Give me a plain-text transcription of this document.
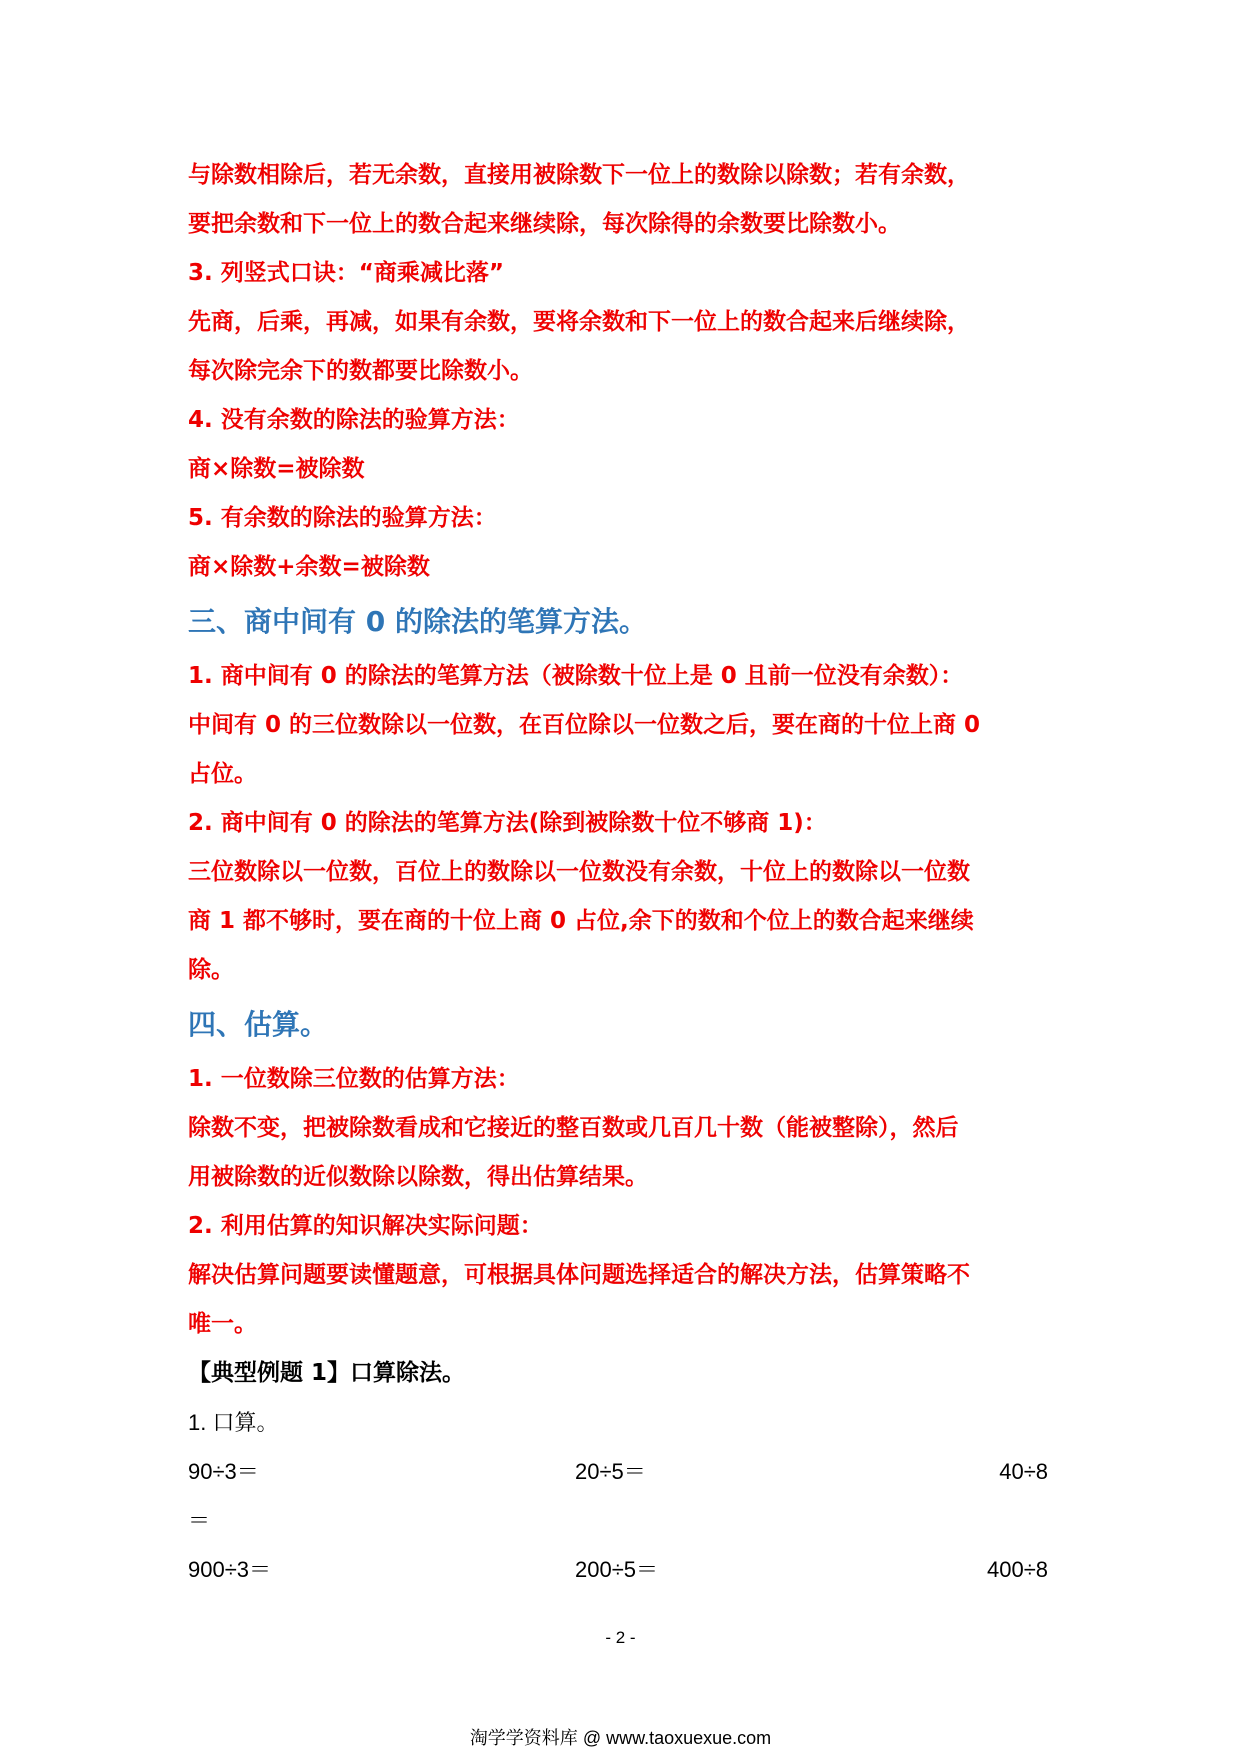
与除数相除后，若无余数，直接用被除数下一位上的数除以除数；若有余数，
要把余数和下一位上的数合起来继续除，每次除得的余数要比除数小。
3. 列竖式口诀：“商乘减比落”
先商，后乘，再减，如果有余数，要将余数和下一位上的数合起来后继续除，
每次除完余下的数都要比除数小。
4. 没有余数的除法的验算方法：
商×除数=被除数
5. 有余数的除法的验算方法：
商×除数+余数=被除数
三、商中间有 0 的除法的笔算方法。
1. 商中间有 0 的除法的笔算方法（被除数十位上是 0 且前一位没有余数）：
中间有 0 的三位数除以一位数，在百位除以一位数之后，要在商的十位上商 0
占位。
2. 商中间有 0 的除法的笔算方法(除到被除数十位不够商 1)：
三位数除以一位数，百位上的数除以一位数没有余数，十位上的数除以一位数
商 1 都不够时，要在商的十位上商 0 占位,余下的数和个位上的数合起来继续
除。
四、估算。
1. 一位数除三位数的估算方法：
除数不变，把被除数看成和它接近的整百数或几百几十数（能被整除），然后
用被除数的近似数除以除数，得出估算结果。
2. 利用估算的知识解决实际问题：
解决估算问题要读懂题意，可根据具体问题选择适合的解决方法，估算策略不
唯一。
【典型例题 1】口算除法。
1. 口算。
90÷3＝	20÷5＝	40÷8
＝
900÷3＝	200÷5＝	400÷8
- 2 -
淘学学资料库 @ www.taoxuexue.com
